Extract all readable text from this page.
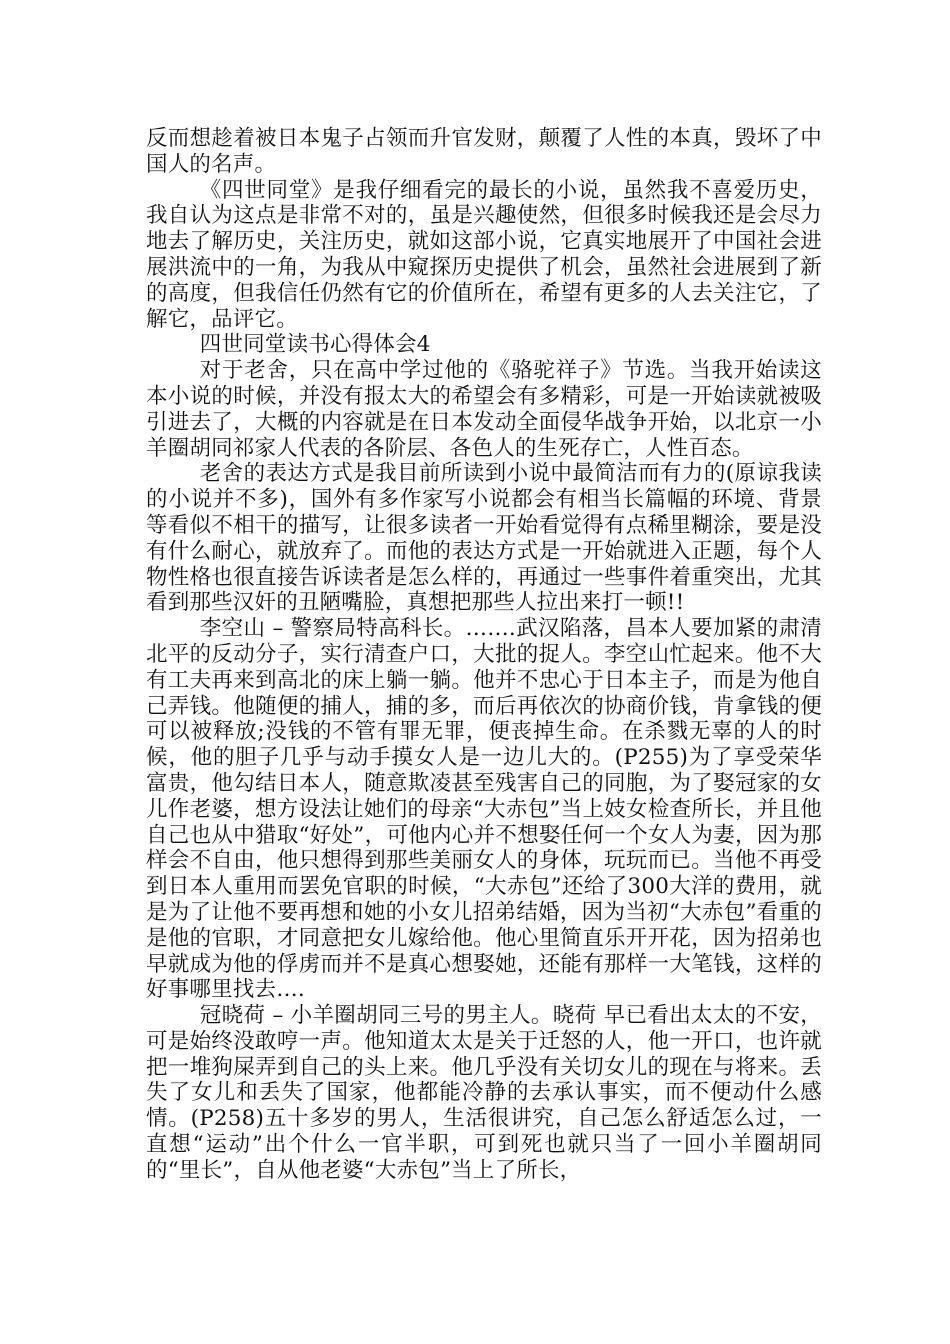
反而想趁着被日本鬼子占领而升官发财，颠覆了人性的本真，毁坏了中国人的名声。

《四世同堂》是我仔细看完的最长的小说，虽然我不喜爱历史，我自认为这点是非常不对的，虽是兴趣使然，但很多时候我还是会尽力地去了解历史，关注历史，就如这部小说，它真实地展开了中国社会进展洪流中的一角，为我从中窥探历史提供了机会，虽然社会进展到了新的高度，但我信任仍然有它的价值所在，希望有更多的人去关注它，了解它，品评它。

四世同堂读书心得体会4

对于老舍，只在高中学过他的《骆驼祥子》节选。当我开始读这本小说的时候，并没有报太大的希望会有多精彩，可是一开始读就被吸引进去了，大概的内容就是在日本发动全面侵华战争开始，以北京一小羊圈胡同祁家人代表的各阶层、各色人的生死存亡，人性百态。

老舍的表达方式是我目前所读到小说中最简洁而有力的(原谅我读的小说并不多)，国外有多作家写小说都会有相当长篇幅的环境、背景等看似不相干的描写，让很多读者一开始看觉得有点稀里糊涂，要是没有什么耐心，就放弃了。而他的表达方式是一开始就进入正题，每个人物性格也很直接告诉读者是怎么样的，再通过一些事件着重突出，尤其看到那些汉奸的丑陋嘴脸，真想把那些人拉出来打一顿!!

李空山 – 警察局特高科长。…….武汉陷落，昌本人要加紧的肃清北平的反动分子，实行清查户口，大批的捉人。李空山忙起来。他不大有工夫再来到高北的床上躺一躺。他并不忠心于日本主子，而是为他自己弄钱。他随便的捕人，捕的多，而后再依次的协商价钱，肯拿钱的便可以被释放;没钱的不管有罪无罪，便丧掉生命。在杀戮无辜的人的时候，他的胆子几乎与动手摸女人是一边儿大的。(P255)为了享受荣华富贵，他勾结日本人，随意欺凌甚至残害自己的同胞，为了娶冠家的女儿作老婆，想方设法让她们的母亲“大赤包”当上妓女检查所长，并且他自己也从中猎取“好处”，可他内心并不想娶任何一个女人为妻，因为那样会不自由，他只想得到那些美丽女人的身体，玩玩而已。当他不再受到日本人重用而罢免官职的时候，“大赤包”还给了300大洋的费用，就是为了让他不要再想和她的小女儿招弟结婚，因为当初“大赤包”看重的是他的官职，才同意把女儿嫁给他。他心里简直乐开开花，因为招弟也早就成为他的俘虏而并不是真心想娶她，还能有那样一大笔钱，这样的好事哪里找去….

冠晓荷 – 小羊圈胡同三号的男主人。晓荷 早已看出太太的不安，可是始终没敢哼一声。他知道太太是关于迁怒的人，他一开口，也许就把一堆狗屎弄到自己的头上来。他几乎没有关切女儿的现在与将来。丢失了女儿和丢失了国家，他都能冷静的去承认事实，而不便动什么感情。(P258)五十多岁的男人，生活很讲究，自己怎么舒适怎么过，一直想“运动”出个什么一官半职，可到死也就只当了一回小羊圈胡同的“里长”，自从他老婆“大赤包”当上了所长，
